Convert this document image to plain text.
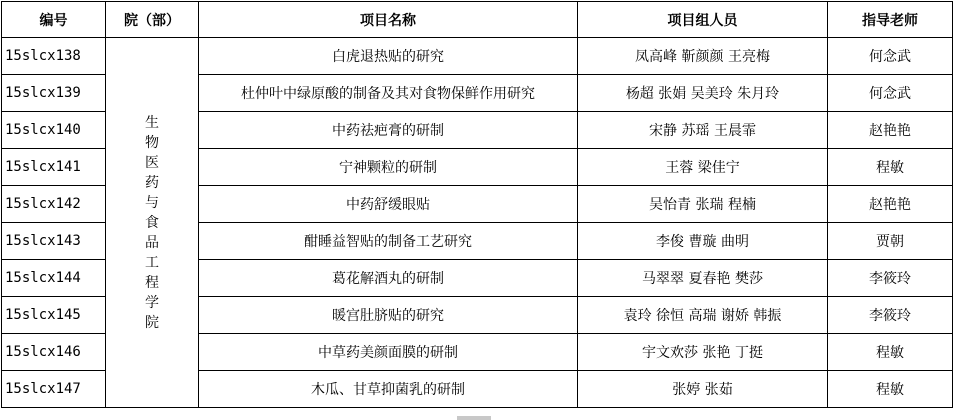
编号	院（部）	项目名称	项目组人员	指导老师
15slcx138	生物医药与食品工程学院	白虎退热贴的研究	凤高峰 靳颜颜 王亮梅	何念武
15slcx139		杜仲叶中绿原酸的制备及其对食物保鲜作用研究	杨超 张娟 吴美玲 朱月玲	何念武
15slcx140		中药祛疤膏的研制	宋静 苏瑶 王晨霏	赵艳艳
15slcx141		宁神颗粒的研制	王蓉 梁佳宁	程敏
15slcx142		中药舒缓眼贴	吴怡青 张瑞 程楠	赵艳艳
15slcx143		酣睡益智贴的制备工艺研究	李俊 曹璇 曲明	贾朝
15slcx144		葛花解酒丸的研制	马翠翠 夏春艳 樊莎	李筱玲
15slcx145		暖宫肚脐贴的研究	袁玲 徐恒 高瑞 谢娇 韩振	李筱玲
15slcx146		中草药美颜面膜的研制	宇文欢莎 张艳 丁挺	程敏
15slcx147		木瓜、甘草抑菌乳的研制	张婷 张茹	程敏
